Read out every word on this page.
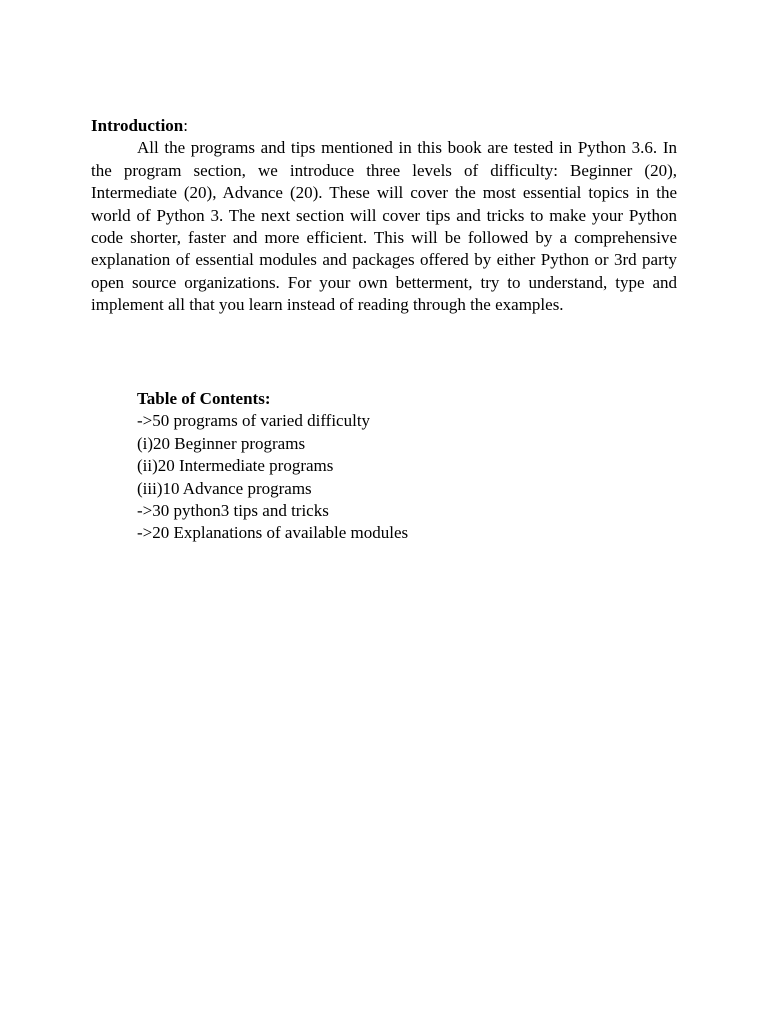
Introduction:

All the programs and tips mentioned in this book are tested in Python 3.6. In the program section, we introduce three levels of difficulty: Beginner (20), Intermediate (20), Advance (20). These will cover the most essential topics in the world of Python 3. The next section will cover tips and tricks to make your Python code shorter, faster and more efficient. This will be followed by a comprehensive explanation of essential modules and packages offered by either Python or 3rd party open source organizations. For your own betterment, try to understand, type and implement all that you learn instead of reading through the examples.

Table of Contents:

->50 programs of varied difficulty
(i)20 Beginner programs
(ii)20 Intermediate programs
(iii)10 Advance programs
->30 python3 tips and tricks
->20 Explanations of available modules
